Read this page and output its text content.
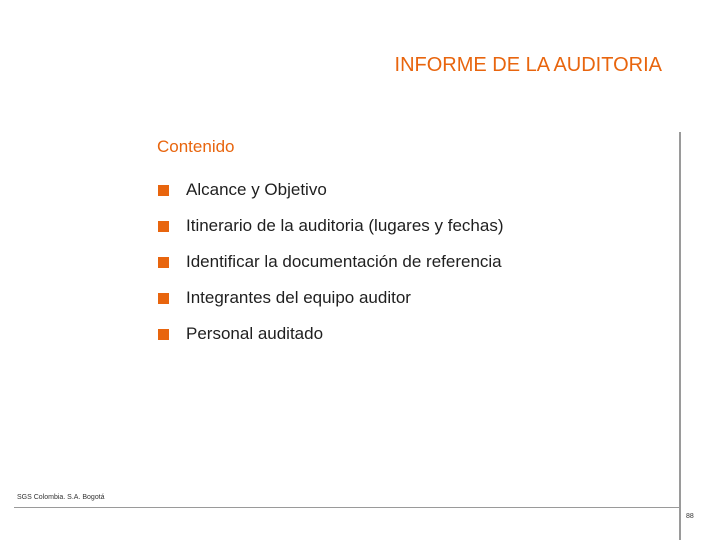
INFORME DE LA AUDITORIA
Contenido
Alcance y Objetivo
Itinerario de la auditoria (lugares y fechas)
Identificar la documentación de referencia
Integrantes del equipo auditor
Personal auditado
SGS Colombia. S.A. Bogotá
88
